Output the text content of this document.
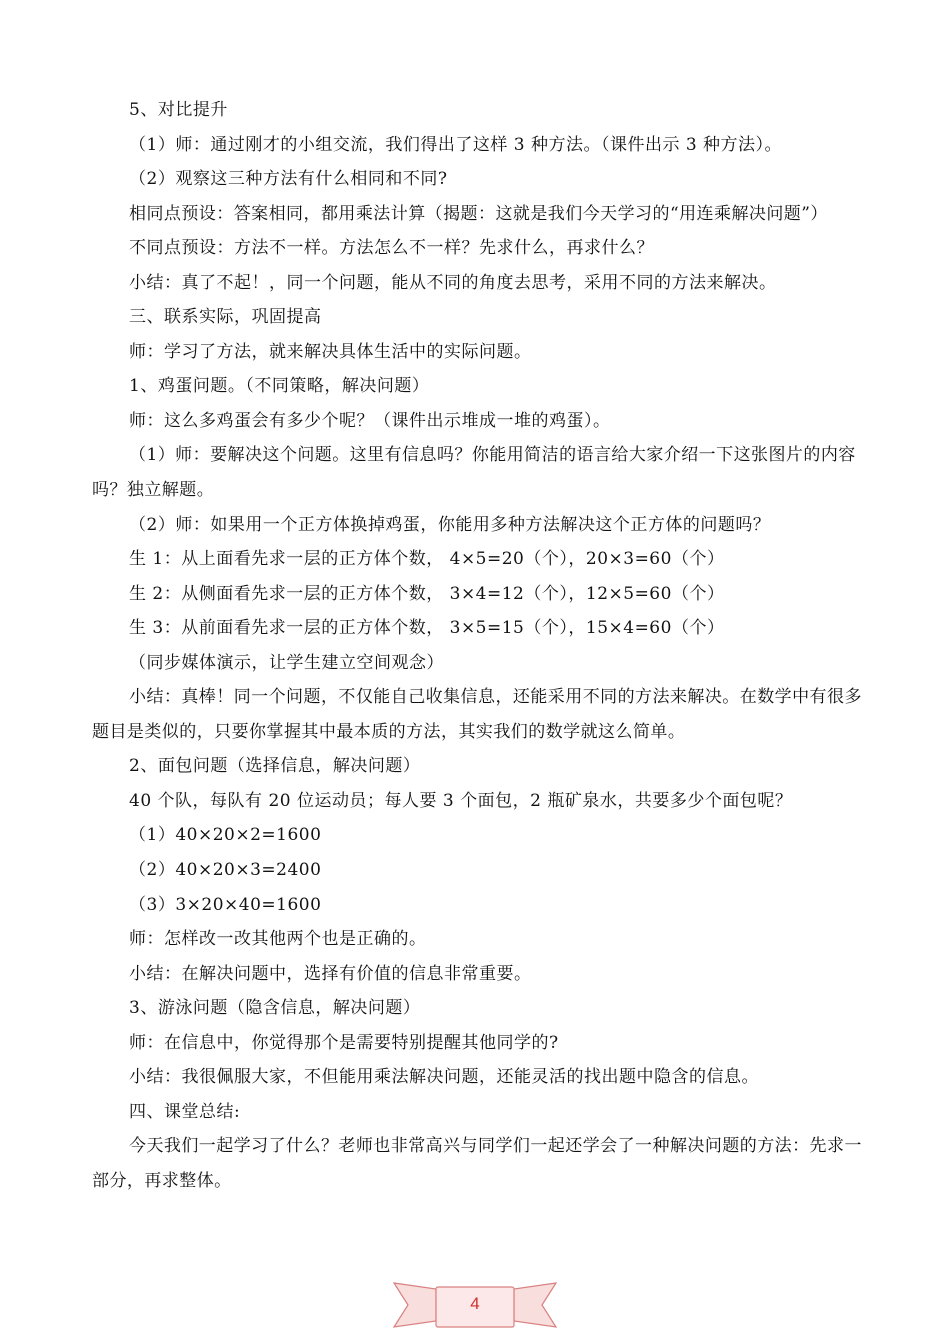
5、对比提升
（1）师：通过刚才的小组交流，我们得出了这样 3 种方法。（课件出示 3 种方法）。
（2）观察这三种方法有什么相同和不同?
相同点预设：答案相同，都用乘法计算（揭题：这就是我们今天学习的“用连乘解决问题”）
不同点预设：方法不一样。方法怎么不一样？先求什么，再求什么？
小结：真了不起！，同一个问题，能从不同的角度去思考，采用不同的方法来解决。
三、联系实际，巩固提高
师：学习了方法，就来解决具体生活中的实际问题。
1、鸡蛋问题。（不同策略，解决问题）
师：这么多鸡蛋会有多少个呢？（课件出示堆成一堆的鸡蛋）。
（1）师：要解决这个问题。这里有信息吗？你能用简洁的语言给大家介绍一下这张图片的内容吗？独立解题。
（2）师：如果用一个正方体换掉鸡蛋，你能用多种方法解决这个正方体的问题吗？
生 1：从上面看先求一层的正方体个数， 4×5=20（个），20×3=60（个）
生 2：从侧面看先求一层的正方体个数， 3×4=12（个），12×5=60（个）
生 3：从前面看先求一层的正方体个数， 3×5=15（个），15×4=60（个）
（同步媒体演示，让学生建立空间观念）
小结：真棒！同一个问题，不仅能自己收集信息，还能采用不同的方法来解决。在数学中有很多题目是类似的，只要你掌握其中最本质的方法，其实我们的数学就这么简单。
2、面包问题（选择信息，解决问题）
40 个队，每队有 20 位运动员；每人要 3 个面包，2 瓶矿泉水，共要多少个面包呢？
（1）40×20×2=1600
（2）40×20×3=2400
（3）3×20×40=1600
师：怎样改一改其他两个也是正确的。
小结：在解决问题中，选择有价值的信息非常重要。
3、游泳问题（隐含信息，解决问题）
师：在信息中，你觉得那个是需要特别提醒其他同学的?
小结：我很佩服大家，不但能用乘法解决问题，还能灵活的找出题中隐含的信息。
四、课堂总结:
今天我们一起学习了什么？老师也非常高兴与同学们一起还学会了一种解决问题的方法：先求一部分，再求整体。
4
